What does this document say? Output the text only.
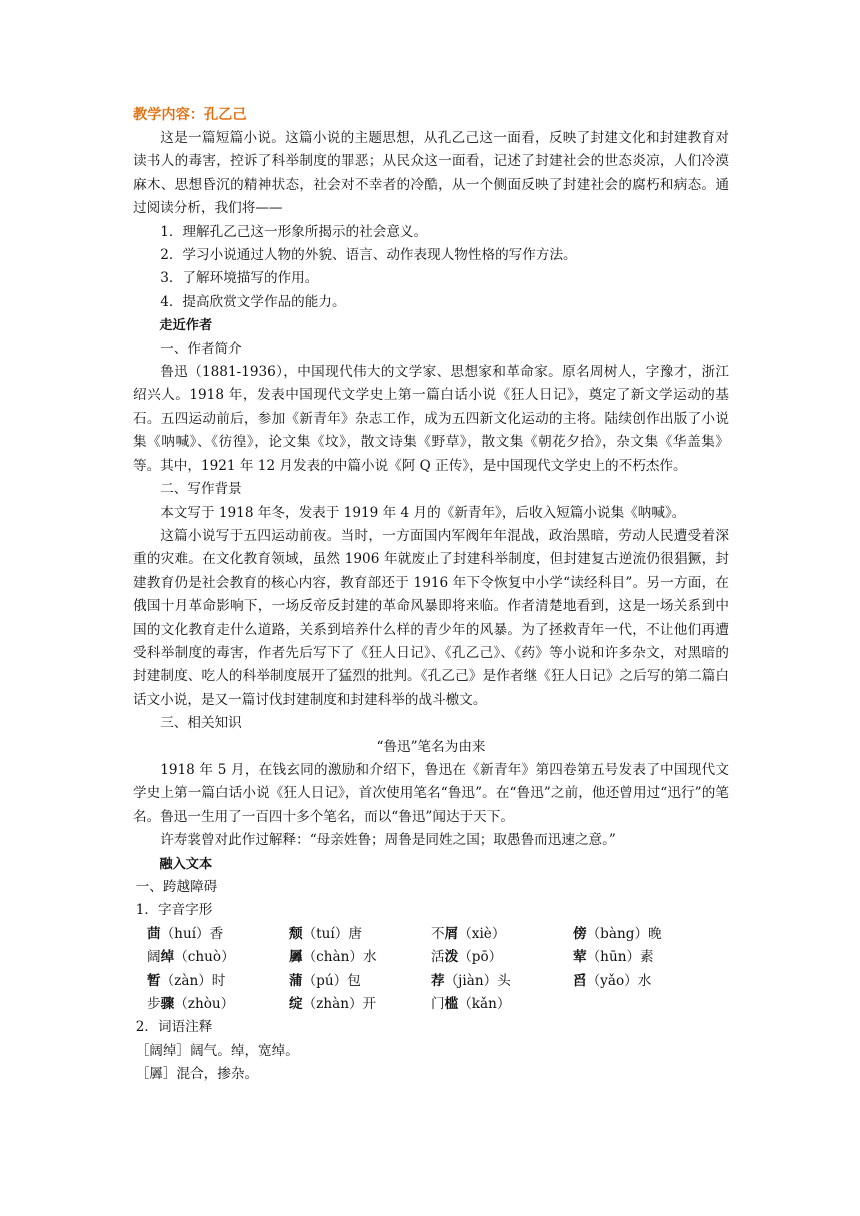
教学内容：孔乙己

这是一篇短篇小说。这篇小说的主题思想，从孔乙己这一面看，反映了封建文化和封建教育对读书人的毒害，控诉了科举制度的罪恶；从民众这一面看，记述了封建社会的世态炎凉，人们冷漠麻木、思想昏沉的精神状态，社会对不幸者的冷酷，从一个侧面反映了封建社会的腐朽和病态。通过阅读分析，我们将——

1．理解孔乙己这一形象所揭示的社会意义。

2．学习小说通过人物的外貌、语言、动作表现人物性格的写作方法。

3．了解环境描写的作用。

4．提高欣赏文学作品的能力。

走近作者

一、作者简介

鲁迅（1881-1936），中国现代伟大的文学家、思想家和革命家。原名周树人，字豫才，浙江绍兴人。1918 年，发表中国现代文学史上第一篇白话小说《狂人日记》，奠定了新文学运动的基石。五四运动前后，参加《新青年》杂志工作，成为五四新文化运动的主将。陆续创作出版了小说集《呐喊》、《彷徨》，论文集《坟》，散文诗集《野草》，散文集《朝花夕拾》，杂文集《华盖集》等。其中，1921 年 12 月发表的中篇小说《阿 Q 正传》，是中国现代文学史上的不朽杰作。

二、写作背景

本文写于 1918 年冬，发表于 1919 年 4 月的《新青年》，后收入短篇小说集《呐喊》。

这篇小说写于五四运动前夜。当时，一方面国内军阀年年混战，政治黑暗，劳动人民遭受着深重的灾难。在文化教育领域，虽然 1906 年就废止了封建科举制度，但封建复古逆流仍很猖獗，封建教育仍是社会教育的核心内容，教育部还于 1916 年下令恢复中小学“读经科目”。另一方面，在俄国十月革命影响下，一场反帝反封建的革命风暴即将来临。作者清楚地看到，这是一场关系到中国的文化教育走什么道路，关系到培养什么样的青少年的风暴。为了拯救青年一代，不让他们再遭受科举制度的毒害，作者先后写下了《狂人日记》、《孔乙己》、《药》等小说和许多杂文，对黑暗的封建制度、吃人的科举制度展开了猛烈的批判。《孔乙己》是作者继《狂人日记》之后写的第二篇白话文小说，是又一篇讨伐封建制度和封建科举的战斗檄文。

三、相关知识

“鲁迅”笔名为由来

1918 年 5 月，在钱玄同的激励和介绍下，鲁迅在《新青年》第四卷第五号发表了中国现代文学史上第一篇白话小说《狂人日记》，首次使用笔名“鲁迅”。在“鲁迅”之前，他还曾用过“迅行”的笔名。鲁迅一生用了一百四十多个笔名，而以“鲁迅”闻达于天下。

许寿裳曾对此作过解释：“母亲姓鲁；周鲁是同姓之国；取愚鲁而迅速之意。”

融入文本

一、跨越障碍

1．字音字形

茴（huí）香	颓（tuí）唐	不屑（xiè）	傍（bàng）晚
阔绰（chuò）	羼（chàn）水	活泼（pō）	荤（hūn）素
暂（zàn）时	蒲（pú）包	荐（jiàn）头	舀（yǎo）水
步骤（zhòu）	绽（zhàn）开	门槛（kǎn）

2．词语注释

［阔绰］阔气。绰，宽绰。

［羼］混合，掺杂。
